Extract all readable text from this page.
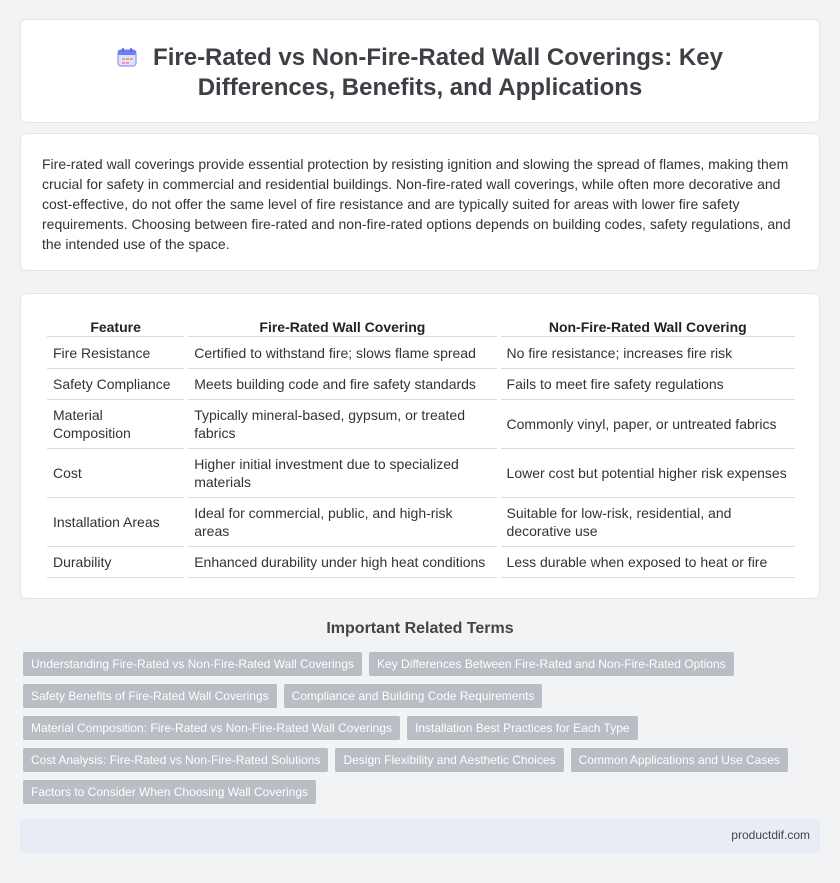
Fire-Rated vs Non-Fire-Rated Wall Coverings: Key Differences, Benefits, and Applications

Fire-rated wall coverings provide essential protection by resisting ignition and slowing the spread of flames, making them crucial for safety in commercial and residential buildings. Non-fire-rated wall coverings, while often more decorative and cost-effective, do not offer the same level of fire resistance and are typically suited for areas with lower fire safety requirements. Choosing between fire-rated and non-fire-rated options depends on building codes, safety regulations, and the intended use of the space.

Feature	Fire-Rated Wall Covering	Non-Fire-Rated Wall Covering
Fire Resistance	Certified to withstand fire; slows flame spread	No fire resistance; increases fire risk
Safety Compliance	Meets building code and fire safety standards	Fails to meet fire safety regulations
Material Composition	Typically mineral-based, gypsum, or treated fabrics	Commonly vinyl, paper, or untreated fabrics
Cost	Higher initial investment due to specialized materials	Lower cost but potential higher risk expenses
Installation Areas	Ideal for commercial, public, and high-risk areas	Suitable for low-risk, residential, and decorative use
Durability	Enhanced durability under high heat conditions	Less durable when exposed to heat or fire
Important Related Terms
Understanding Fire-Rated vs Non-Fire-Rated Wall Coverings Key Differences Between Fire-Rated and Non-Fire-Rated Options
Safety Benefits of Fire-Rated Wall Coverings Compliance and Building Code Requirements
Material Composition: Fire-Rated vs Non-Fire-Rated Wall Coverings Installation Best Practices for Each Type
Cost Analysis: Fire-Rated vs Non-Fire-Rated Solutions Design Flexibility and Aesthetic Choices Common Applications and Use Cases
Factors to Consider When Choosing Wall Coverings
productdif.com
